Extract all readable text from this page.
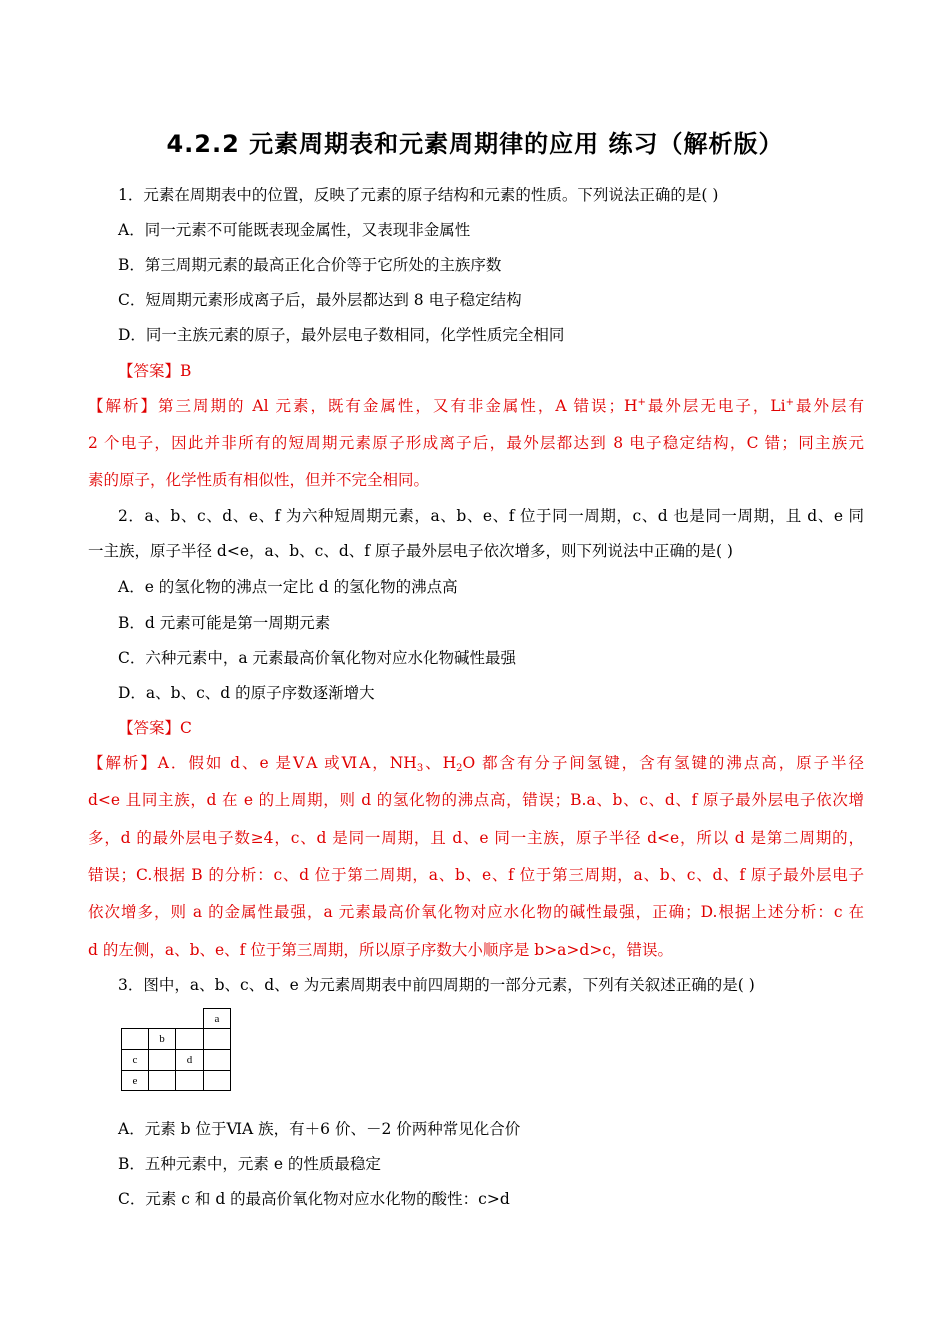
4.2.2 元素周期表和元素周期律的应用 练习（解析版）
1．元素在周期表中的位置，反映了元素的原子结构和元素的性质。下列说法正确的是( )
A．同一元素不可能既表现金属性，又表现非金属性
B．第三周期元素的最高正化合价等于它所处的主族序数
C．短周期元素形成离子后，最外层都达到 8 电子稳定结构
D．同一主族元素的原子，最外层电子数相同，化学性质完全相同
【答案】B
【解析】第三周期的 Al 元素，既有金属性，又有非金属性，A 错误；H+最外层无电子，Li+最外层有
2 个电子，因此并非所有的短周期元素原子形成离子后，最外层都达到 8 电子稳定结构，C 错；同主族元
素的原子，化学性质有相似性，但并不完全相同。
2．a、b、c、d、e、f 为六种短周期元素，a、b、e、f 位于同一周期，c、d 也是同一周期，且 d、e 同
一主族，原子半径 d<e，a、b、c、d、f 原子最外层电子依次增多，则下列说法中正确的是( )
A．e 的氢化物的沸点一定比 d 的氢化物的沸点高
B．d 元素可能是第一周期元素
C．六种元素中，a 元素最高价氧化物对应水化物碱性最强
D．a、b、c、d 的原子序数逐渐增大
【答案】C
【解析】A．假如 d、e 是ⅤA 或ⅥA，$NH_3$、$H_2O$ 都含有分子间氢键，含有氢键的沸点高，原子半径
d<e 且同主族，d 在 e 的上周期，则 d 的氢化物的沸点高，错误；B.a、b、c、d、f 原子最外层电子依次增
多，d 的最外层电子数≥4，c、d 是同一周期，且 d、e 同一主族，原子半径 d<e，所以 d 是第二周期的，
错误；C.根据 B 的分析：c、d 位于第二周期，a、b、e、f 位于第三周期，a、b、c、d、f 原子最外层电子
依次增多，则 a 的金属性最强，a 元素最高价氧化物对应水化物的碱性最强，正确；D.根据上述分析：c 在
d 的左侧，a、b、e、f 位于第三周期，所以原子序数大小顺序是 b>a>d>c，错误。
3．图中，a、b、c、d、e 为元素周期表中前四周期的一部分元素，下列有关叙述正确的是( )
a
b
c	d
e
A．元素 b 位于ⅥA 族，有＋6 价、－2 价两种常见化合价
B．五种元素中，元素 e 的性质最稳定
C．元素 c 和 d 的最高价氧化物对应水化物的酸性：c>d
